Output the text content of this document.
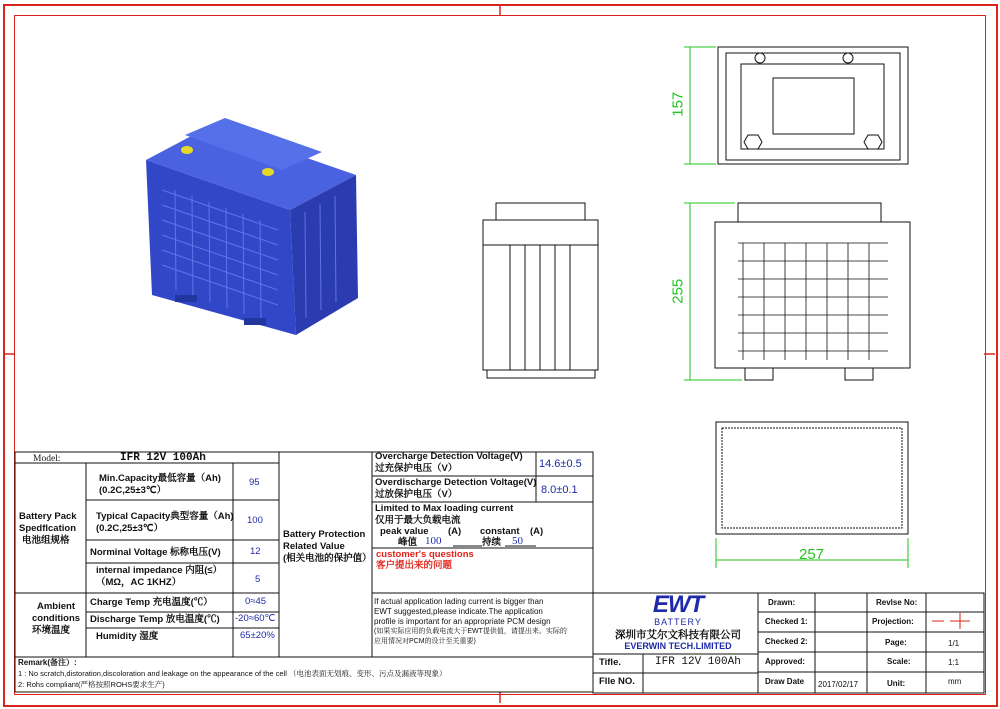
157
255
257
Model:	IFR 12V 100Ah
Battery Pack
Spedflcation
电池组规格
Min.Capacity最低容量（Ah)
(0.2C,25±3℃）
95
Typical Capacity典型容量（Ah)
(0.2C,25±3℃）
100
Norminal Voltage 标称电压(V)	12
internal impedance 内阻(≤）
（MΩ，AC 1KHZ）	5
Ambient
conditions
环境温度
Charge Temp 充电温度(℃）	0≈45
Discharge Temp 放电温度(℃) -20≈60℃
Humidity 湿度	65±20%
Battery Protection
Related Value
(相关电池的保护值）
Overcharge Detection Voltage(V)
过充保护电压（V）	14.6±0.5
Overdischarge Detection Voltage(V)
过放保护电压（V）	8.0±0.1
Limited to Max loading current
仅用于最大负载电流
peak value (A) constant (A)
峰值 100	持续 50
customer's questions
客户提出来的问题
If actual application lading current is bigger than
EWT suggested,please indicate.The application
profile is important for an appropriate PCM design
(如果实际应用的负载电流大于EWT提供值，请提出来。实际的
应用情况对PCM的设计至关重要)
Remark(备注）:
1 : No scratch,distoration,discoloration and leakage on the appearance of the cell （电池表面无划痕、变形、污点及漏液等现象）
2: Rohs compliant(严格按照ROHS要求生产)
EWT
BATTERY
深圳市艾尔文科技有限公司
EVERWIN TECH.LIMITED
Tifle.	IFR 12V 100Ah
Flle NO.
Drawn:
Checked 1:
Checked 2:
Approved:
Draw Date 2017/02/17
Revlse No:
Projection:
Page:	1/1
Scale:	1:1
Unit:	mm
